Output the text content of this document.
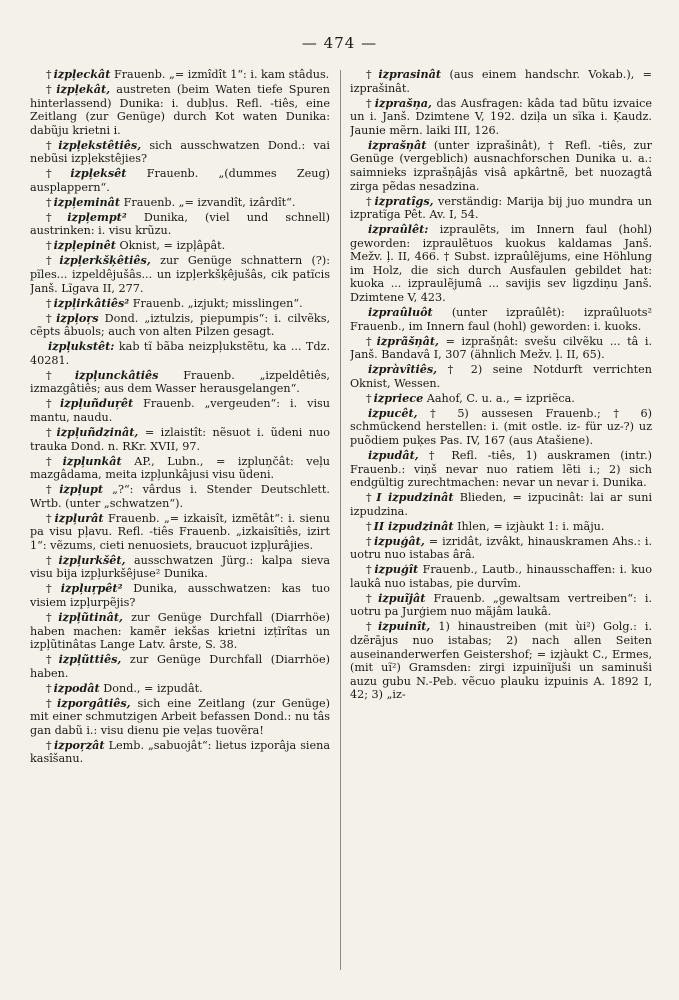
— 474 —

† izpļeckât Frauenb. „= izmîdît 1“: i. kam stâdus.

† izpļekât, austreten (beim Waten tiefe Spuren hinterlassend) Dunika: i. dubļus. Refl. -tiês, eine Zeitlang (zur Genüge) durch Kot waten Dunika: dabũju krietni i.

† izpļekstêtiês, sich ausschwatzen Dond.: vai nebũsi izpļekstêjies?

† izpļeksêt Frauenb. „(dummes Zeug) ausplappern“.

† izpļeminât Frauenb. „= izvandît, izârdît“.

† izpļempt² Dunika, (viel und schnell) austrinken: i. visu krũzu.

† izpļepinêt Oknist, = izpļâpât.

† izpļerkšķêtiês, zur Genüge schnattern (?): pĩles... izpeldêjušâs... un izpļerkšķêjušâs, cik patĩcis Janš. Lĩgava II, 277.

† izpļirkâtiês² Frauenb. „izjukt; misslingen“.

† izpļoŗs Dond. „iztulzis, piepumpis“: i. cilvẽks, cẽpts âbuols; auch von alten Pilzen gesagt.

izpļukstêt: kab tĩ bãba neizpļukstẽtu, ka ... Tdz. 40281.

† izpļunckâtiês Frauenb. „izpeldêtiês, izmazgâtiês; aus dem Wasser herausgelangen“.

† izpļuñduŗêt Frauenb. „vergeuden“: i. visu mantu, naudu.

† izpļuñdzinât, = izlaistît: nẽsuot i. ũdeni nuo trauka Dond. n. RKr. XVII, 97.

† izpļunkât AP., Lubn., = izpluņčât: veļu mazgâdama, meita izpļunkâjusi visu ũdeni.

† izpļupt „?“: vârdus i. Stender Deutschlett. Wrtb. (unter „schwatzen“).

† izpļurât Frauenb. „= izkaisît, izmẽtât“: i. sienu pa visu pļavu. Refl. -tiês Frauenb. „izkaisîtiês, izirt 1“: vẽzums, cieti nenuosiets, braucuot izpļurâjies.

† izpļurkšêt, ausschwatzen Jürg.: kalpa sieva visu bija izpļurkšêjuse² Dunika.

† izpļuŗpêt² Dunika, ausschwatzen: kas tuo visiem izpļurpẽjis?

† izpļũtinât, zur Genüge Durchfall (Diarrhöe) haben machen: kamẽr iekšas krietni izțĩrîtas un izpļũtinâtas Lange Latv. ârste, S. 38.

† izpļũttiês, zur Genüge Durchfall (Diarrhöe) haben.

† izpodât Dond., = izpudât.

† izporgâtiês, sich eine Zeitlang (zur Genüge) mit einer schmutzigen Arbeit befassen Dond.: nu tâs gan dabũ i.: visu dienu pie veļas tuovẽra!

† izpoŗzât Lemb. „sabuojât“: lietus izporâja siena kasîšanu.

† izprasinât (aus einem handschr. Vokab.), = izprašinât.

† izprašņa, das Ausfragen: kâda tad bũtu izvaice un i. Janš. Dzimtene V, 192. dziļa un sĩka i. Ķaudz. Jaunie mẽrn. laiki III, 126.

izprašņât (unter izprašinât), † Refl. -tiês, zur Genüge (vergeblich) ausnachforschen Dunika u. a.: saimnieks izprašņâjâs visâ apkârtnẽ, bet nuozagtâ zirga pẽdas nesadzina.

† izpratîgs, verständig: Marija bij juo mundra un izpratĩga Pêt. Av. I, 54.

izpraûlêt: izpraulẽts, im Innern faul (hohl) geworden: izpraulẽtuos kuokus kaldamas Janš. Mežv. ļ. II, 466. † Subst. izpraûlẽjums, eine Höhlung im Holz, die sich durch Ausfaulen gebildet hat: kuoka ... izpraulẽjumâ ... savijis sev ligzdiņu Janš. Dzimtene V, 423.

izpraûluôt (unter izpraûlêt): izpraûluots² Frauenb., im Innern faul (hohl) geworden: i. kuoks.

† izprãšņât, = izprašņât: svešu cilvẽku ... tâ i. Janš. Bandavâ I, 307 (ähnlich Mežv. ļ. II, 65).

izpràvîtiês, † 2) seine Notdurft verrichten Oknist, Wessen.

† izpriece Aahof, C. u. a., = izpriẽca.

izpucêt, † 5) aussesen Frauenb.; † 6) schmückend herstellen: i. (mit ostle. iz- für uz-?) uz puõdiem puķes Pas. IV, 167 (aus Atašiene).

izpudât, † Refl. -tiês, 1) auskramen (intr.) Frauenb.: viņš nevar nuo ratiem lẽti i.; 2) sich endgültig zurechtmachen: nevar un nevar i. Dunika.

† I izpudzinât Blieden, = izpucinât: lai ar suni izpudzina.

† II izpudzinât Ihlen, = izjàukt 1: i. mãju.

† izpuģât, = izridât, izvâkt, hinauskramen Ahs.: i. uotru nuo istabas ârâ.

† izpuģît Frauenb., Lautb., hinausschaffen: i. kuo laukâ nuo istabas, pie durvîm.

† izpuĩjât Frauenb. „gewaltsam vertreiben“: i. uotru pa Jurģiem nuo mãjâm laukâ.

† izpuinît, 1) hinaustreiben (mit ùi²) Golg.: i. dzẽrājus nuo istabas; 2) nach allen Seiten auseinanderwerfen Geistershof; = izjàukt C., Ermes, (mit uĩ²) Gramsden: zirgi izpuinĩjuši un saminuši auzu gubu N.-Peb. vẽcuo plauku izpuinis A. 1892 I, 42; 3) „iz-
